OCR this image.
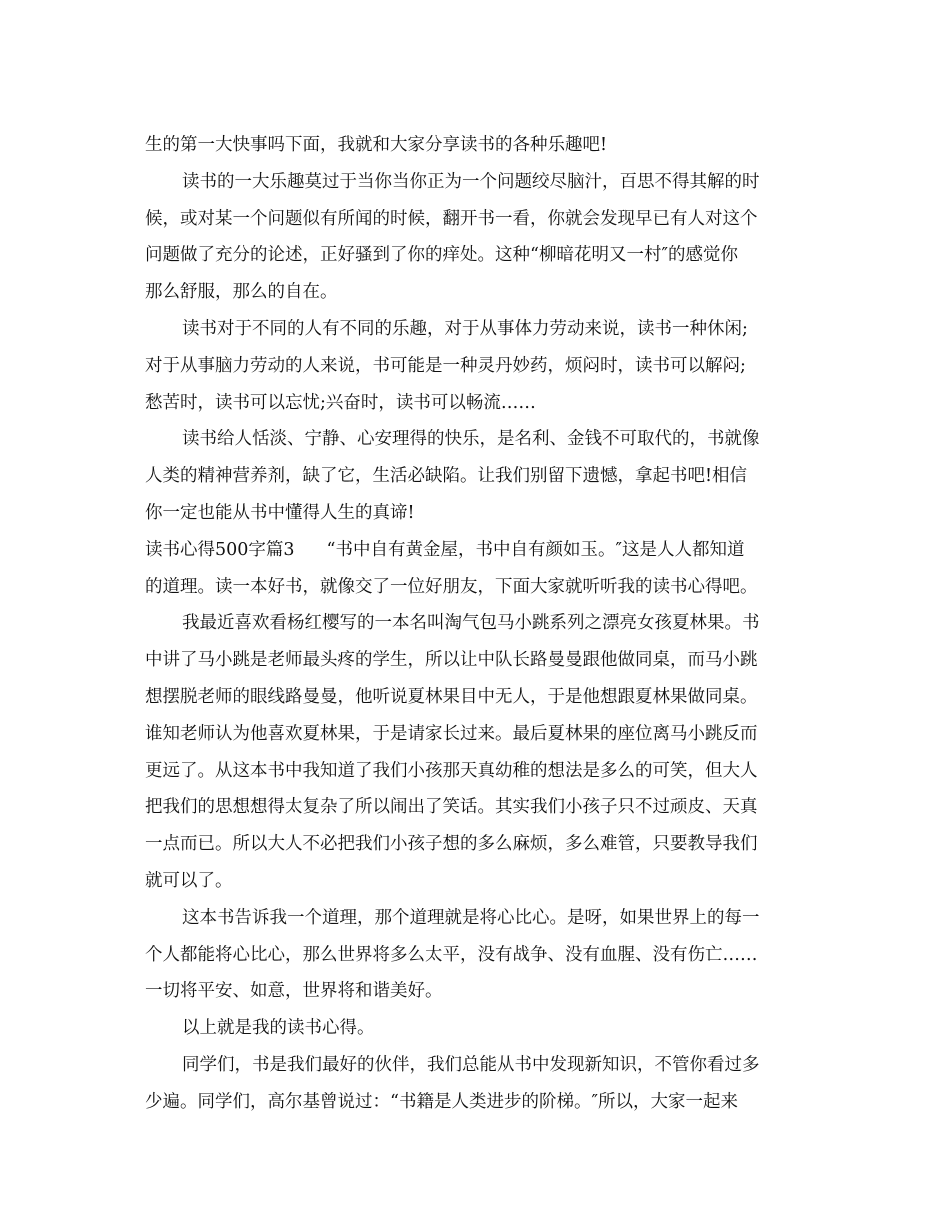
生的第一大快事吗下面，我就和大家分享读书的各种乐趣吧!
读书的一大乐趣莫过于当你当你正为一个问题绞尽脑汁，百思不得其解的时
候，或对某一个问题似有所闻的时候，翻开书一看，你就会发现早已有人对这个
问题做了充分的论述，正好骚到了你的痒处。这种“柳暗花明又一村″的感觉你
那么舒服，那么的自在。
读书对于不同的人有不同的乐趣，对于从事体力劳动来说，读书一种休闲;
对于从事脑力劳动的人来说，书可能是一种灵丹妙药，烦闷时，读书可以解闷;
愁苦时，读书可以忘忧;兴奋时，读书可以畅流……
读书给人恬淡、宁静、心安理得的快乐，是名利、金钱不可取代的，书就像
人类的精神营养剂，缺了它，生活必缺陷。让我们别留下遗憾，拿起书吧!相信
你一定也能从书中懂得人生的真谛!
读书心得500字篇3 “书中自有黄金屋，书中自有颜如玉。″这是人人都知道
的道理。读一本好书，就像交了一位好朋友，下面大家就听听我的读书心得吧。
我最近喜欢看杨红樱写的一本名叫淘气包马小跳系列之漂亮女孩夏林果。书
中讲了马小跳是老师最头疼的学生，所以让中队长路曼曼跟他做同桌，而马小跳
想摆脱老师的眼线路曼曼，他听说夏林果目中无人，于是他想跟夏林果做同桌。
谁知老师认为他喜欢夏林果，于是请家长过来。最后夏林果的座位离马小跳反而
更远了。从这本书中我知道了我们小孩那天真幼稚的想法是多么的可笑，但大人
把我们的思想想得太复杂了所以闹出了笑话。其实我们小孩子只不过顽皮、天真
一点而已。所以大人不必把我们小孩子想的多么麻烦，多么难管，只要教导我们
就可以了。
这本书告诉我一个道理，那个道理就是将心比心。是呀，如果世界上的每一
个人都能将心比心，那么世界将多么太平，没有战争、没有血腥、没有伤亡……
一切将平安、如意，世界将和谐美好。
以上就是我的读书心得。
同学们，书是我们最好的伙伴，我们总能从书中发现新知识，不管你看过多
少遍。同学们，高尔基曾说过：“书籍是人类进步的阶梯。″所以，大家一起来
